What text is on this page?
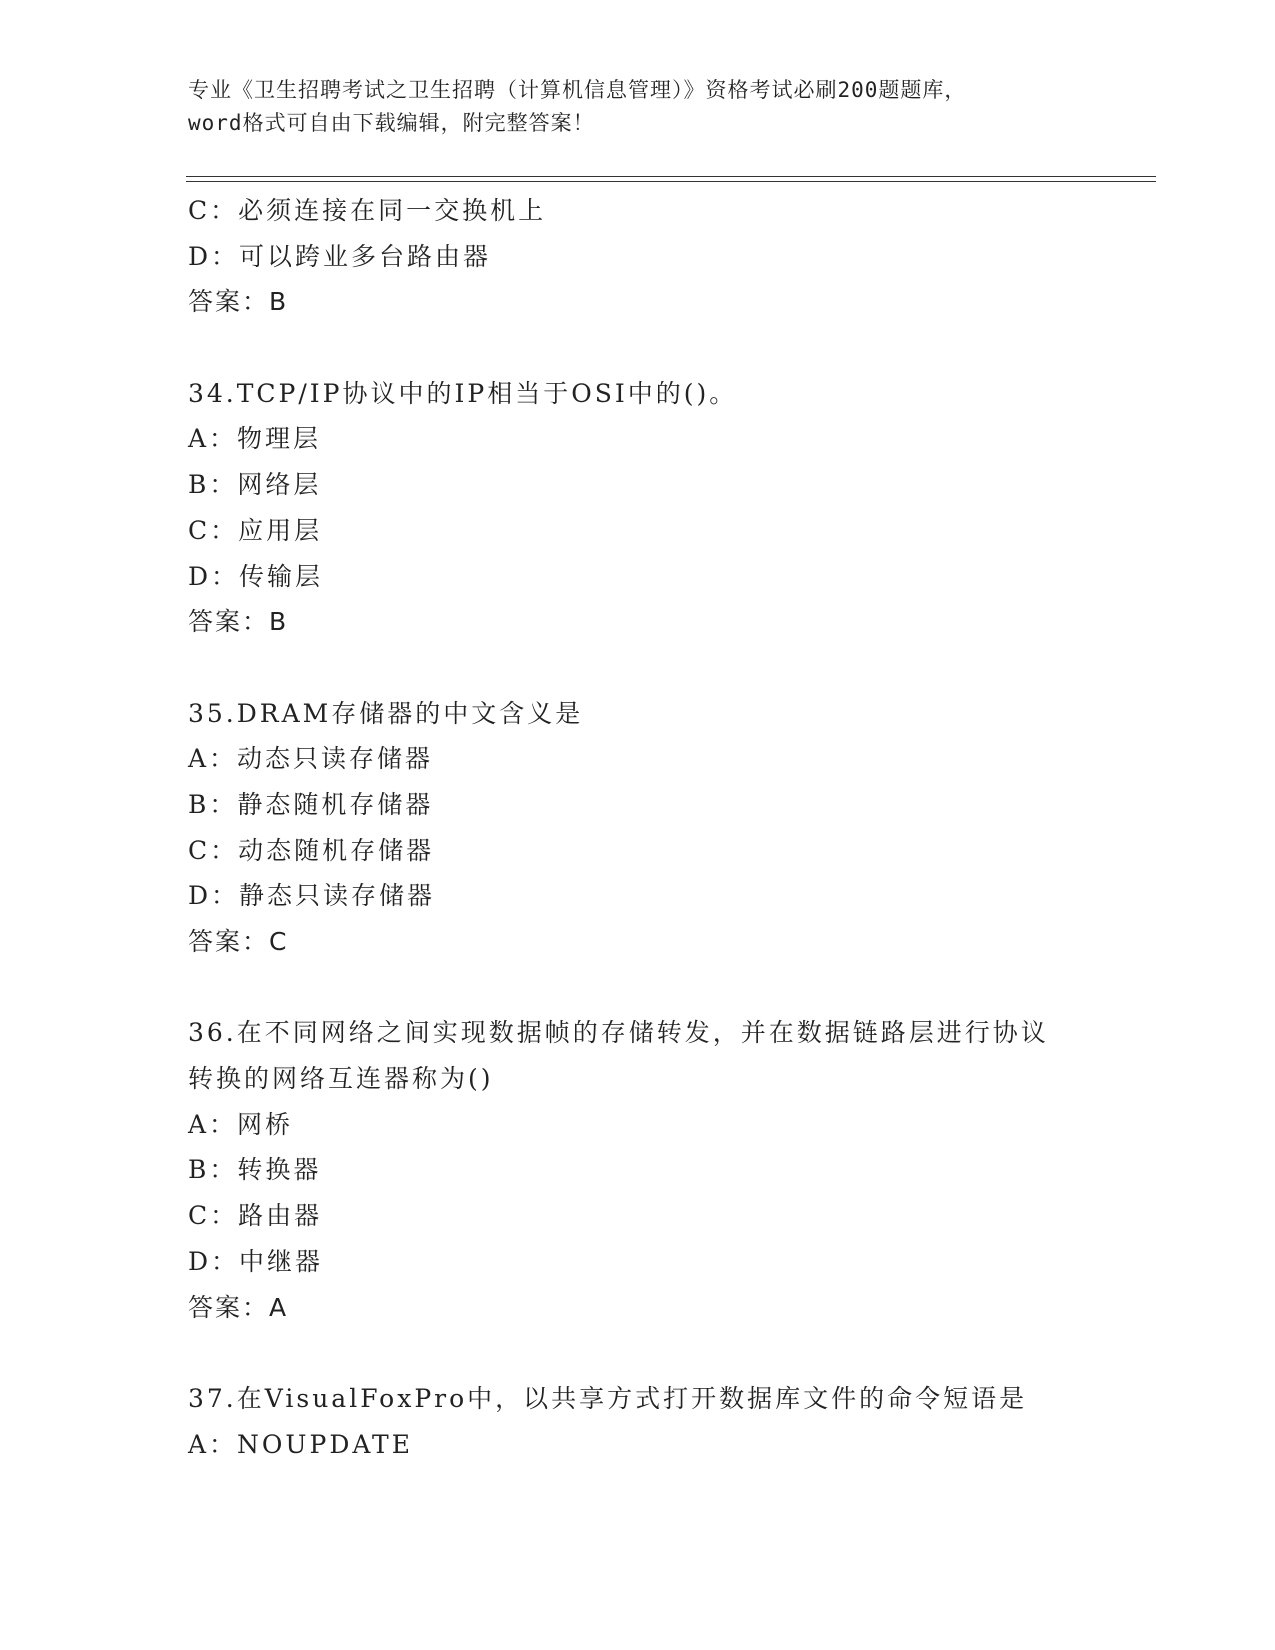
专业《卫生招聘考试之卫生招聘（计算机信息管理）》资格考试必刷200题题库，
word格式可自由下载编辑，附完整答案！
C：必须连接在同一交换机上
D：可以跨业多台路由器
答案：B
34.TCP/IP协议中的IP相当于OSI中的()。
A：物理层
B：网络层
C：应用层
D：传输层
答案：B
35.DRAM存储器的中文含义是
A：动态只读存储器
B：静态随机存储器
C：动态随机存储器
D：静态只读存储器
答案：C
36.在不同网络之间实现数据帧的存储转发，并在数据链路层进行协议
转换的网络互连器称为()
A：网桥
B：转换器
C：路由器
D：中继器
答案：A
37.在VisualFoxPro中，以共享方式打开数据库文件的命令短语是
A：NOUPDATE
